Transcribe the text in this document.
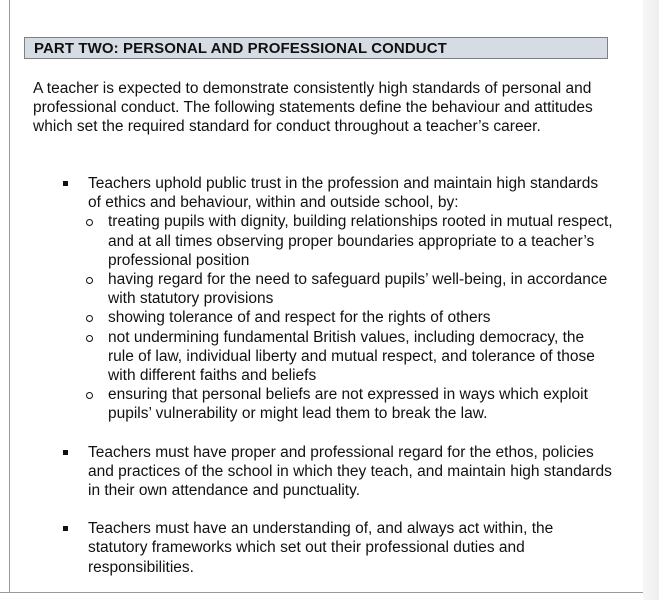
PART TWO: PERSONAL AND PROFESSIONAL CONDUCT

A teacher is expected to demonstrate consistently high standards of personal and professional conduct. The following statements define the behaviour and attitudes which set the required standard for conduct throughout a teacher’s career.

Teachers uphold public trust in the profession and maintain high standards of ethics and behaviour, within and outside school, by:
treating pupils with dignity, building relationships rooted in mutual respect, and at all times observing proper boundaries appropriate to a teacher’s professional position
having regard for the need to safeguard pupils’ well-being, in accordance with statutory provisions
showing tolerance of and respect for the rights of others
not undermining fundamental British values, including democracy, the rule of law, individual liberty and mutual respect, and tolerance of those with different faiths and beliefs
ensuring that personal beliefs are not expressed in ways which exploit pupils’ vulnerability or might lead them to break the law.
Teachers must have proper and professional regard for the ethos, policies and practices of the school in which they teach, and maintain high standards in their own attendance and punctuality.
Teachers must have an understanding of, and always act within, the statutory frameworks which set out their professional duties and responsibilities.
